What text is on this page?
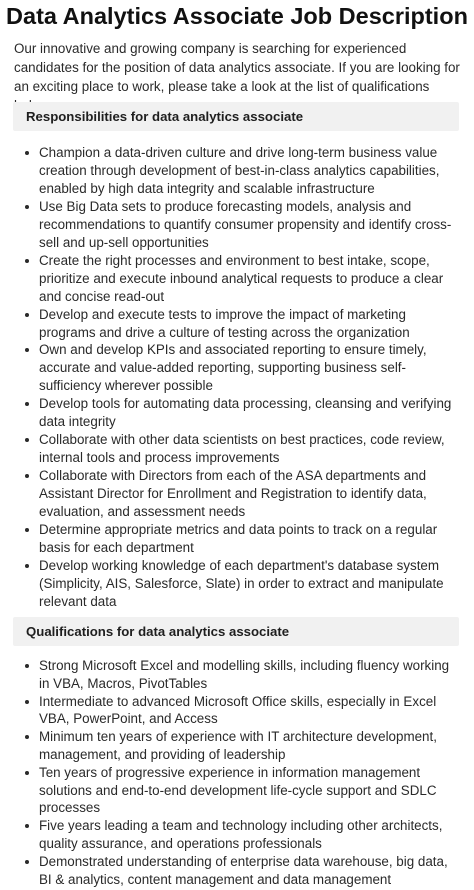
Data Analytics Associate Job Description

Our innovative and growing company is searching for experienced candidates for the position of data analytics associate. If you are looking for an exciting place to work, please take a look at the list of qualifications

Responsibilities for data analytics associate
Champion a data-driven culture and drive long-term business value creation through development of best-in-class analytics capabilities, enabled by high data integrity and scalable infrastructure
Use Big Data sets to produce forecasting models, analysis and recommendations to quantify consumer propensity and identify cross-sell and up-sell opportunities
Create the right processes and environment to best intake, scope, prioritize and execute inbound analytical requests to produce a clear and concise read-out
Develop and execute tests to improve the impact of marketing programs and drive a culture of testing across the organization
Own and develop KPIs and associated reporting to ensure timely, accurate and value-added reporting, supporting business self-sufficiency wherever possible
Develop tools for automating data processing, cleansing and verifying data integrity
Collaborate with other data scientists on best practices, code review, internal tools and process improvements
Collaborate with Directors from each of the ASA departments and Assistant Director for Enrollment and Registration to identify data, evaluation, and assessment needs
Determine appropriate metrics and data points to track on a regular basis for each department
Develop working knowledge of each department's database system (Simplicity, AIS, Salesforce, Slate) in order to extract and manipulate relevant data
Qualifications for data analytics associate
Strong Microsoft Excel and modelling skills, including fluency working in VBA, Macros, PivotTables
Intermediate to advanced Microsoft Office skills, especially in Excel VBA, PowerPoint, and Access
Minimum ten years of experience with IT architecture development, management, and providing of leadership
Ten years of progressive experience in information management solutions and end-to-end development life-cycle support and SDLC processes
Five years leading a team and technology including other architects, quality assurance, and operations professionals
Demonstrated understanding of enterprise data warehouse, big data, BI & analytics, content management and data management
